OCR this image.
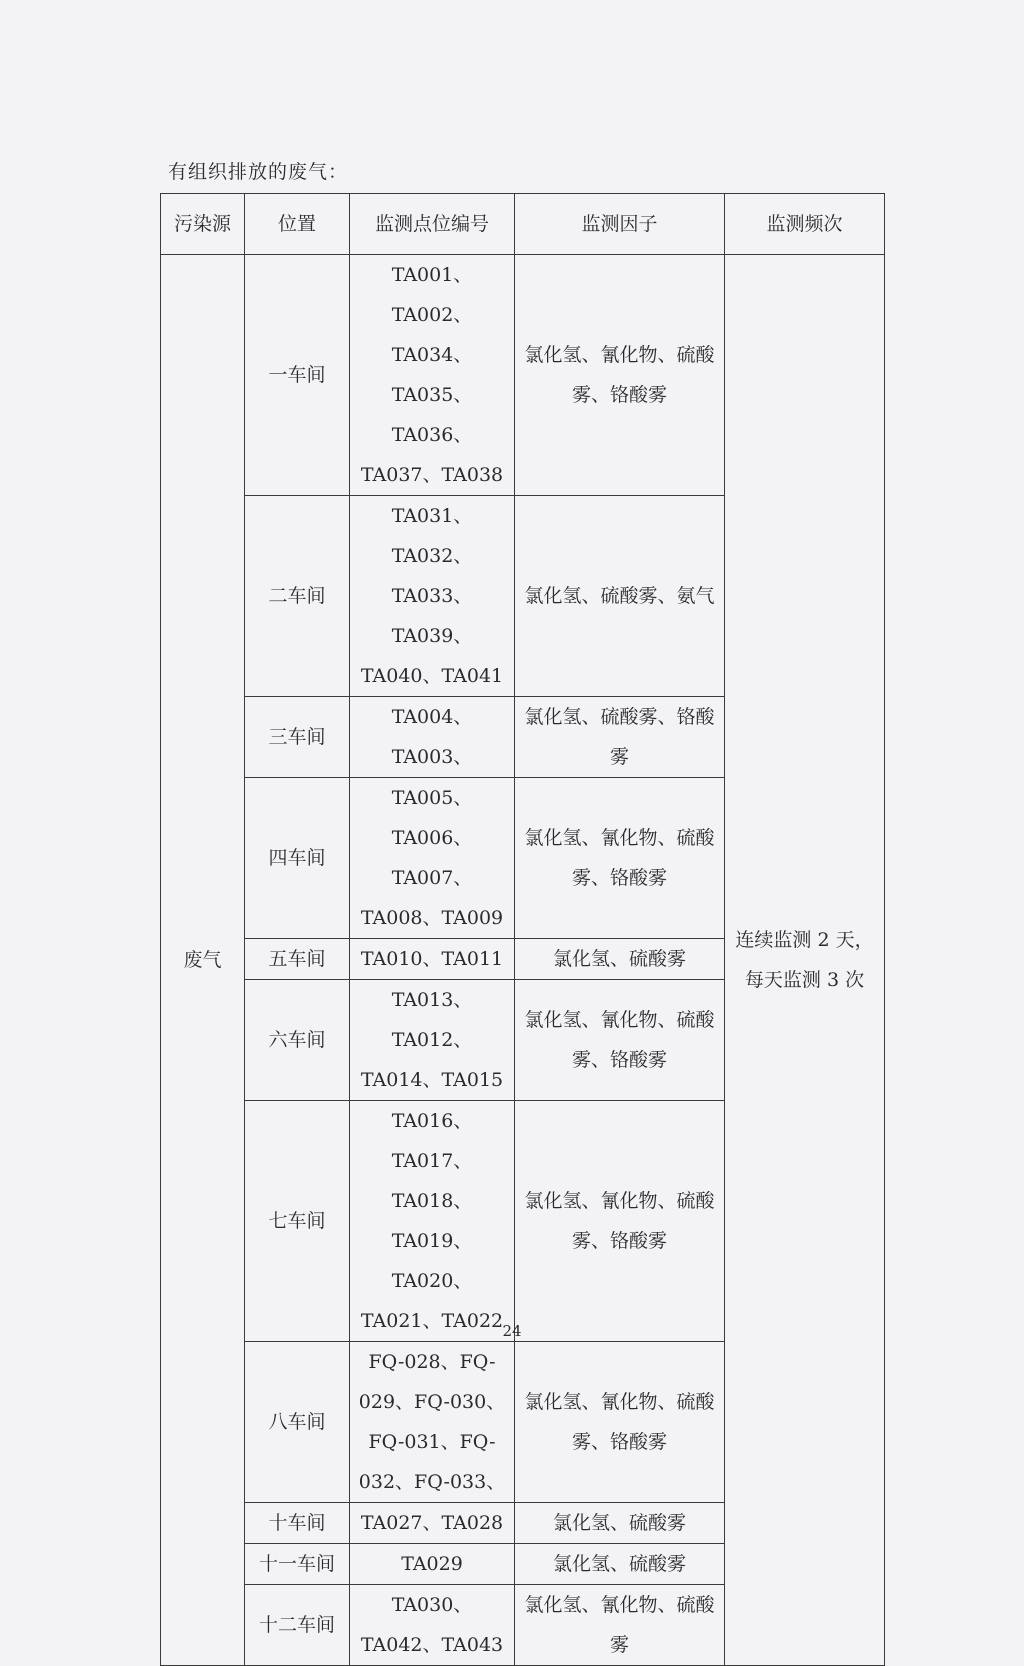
有组织排放的废气：
污染源	位置	监测点位编号	监测因子	监测频次
废气	一车间	TA001、TA002、TA034、TA035、TA036、TA037、TA038	氯化氢、氰化物、硫酸雾、铬酸雾	连续监测 2 天，每天监测 3 次
	二车间	TA031、TA032、TA033、TA039、TA040、TA041	氯化氢、硫酸雾、氨气	
	三车间	TA004、TA003、	氯化氢、硫酸雾、铬酸雾	
	四车间	TA005、TA006、TA007、TA008、TA009	氯化氢、氰化物、硫酸雾、铬酸雾	
	五车间	TA010、TA011	氯化氢、硫酸雾	
	六车间	TA013、TA012、TA014、TA015	氯化氢、氰化物、硫酸雾、铬酸雾	
	七车间	TA016、TA017、TA018、TA019、TA020、TA021、TA022	氯化氢、氰化物、硫酸雾、铬酸雾	
	八车间	FQ-028、FQ-029、FQ-030、FQ-031、FQ-032、FQ-033、	氯化氢、氰化物、硫酸雾、铬酸雾	
	十车间	TA027、TA028	氯化氢、硫酸雾	
	十一车间	TA029	氯化氢、硫酸雾	
	十二车间	TA030、TA042、TA043	氯化氢、氰化物、硫酸雾	
24
